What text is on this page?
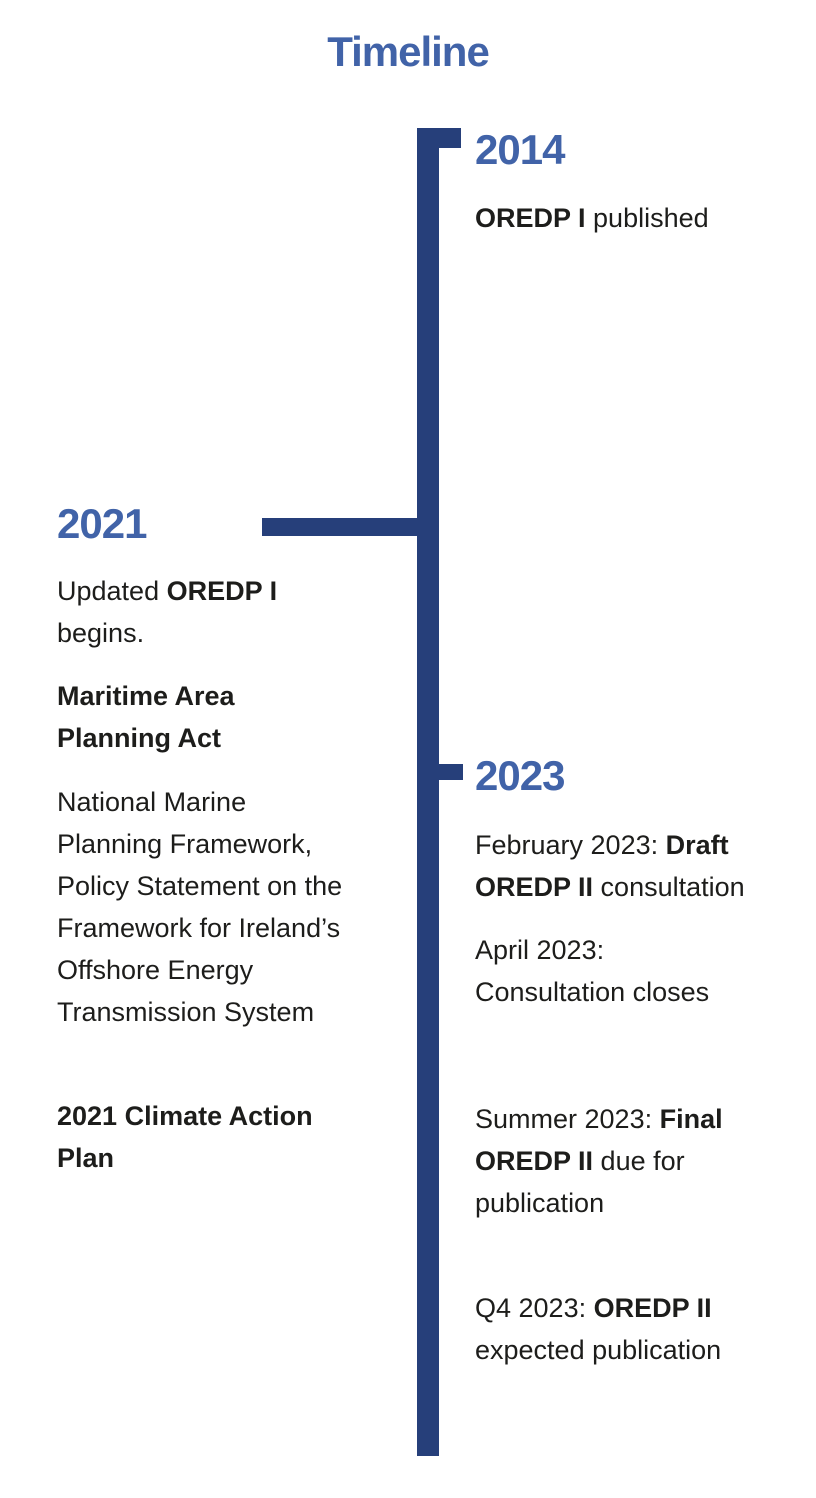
Timeline
2014

OREDP I published

2021

Updated OREDP I begins.

Maritime Area Planning Act

National Marine Planning Framework, Policy Statement on the Framework for Ireland’s Offshore Energy Transmission System

2021 Climate Action Plan

2023

February 2023: Draft OREDP II consultation

April 2023: Consultation closes

Summer 2023: Final OREDP II due for publication

Q4 2023: OREDP II expected publication
